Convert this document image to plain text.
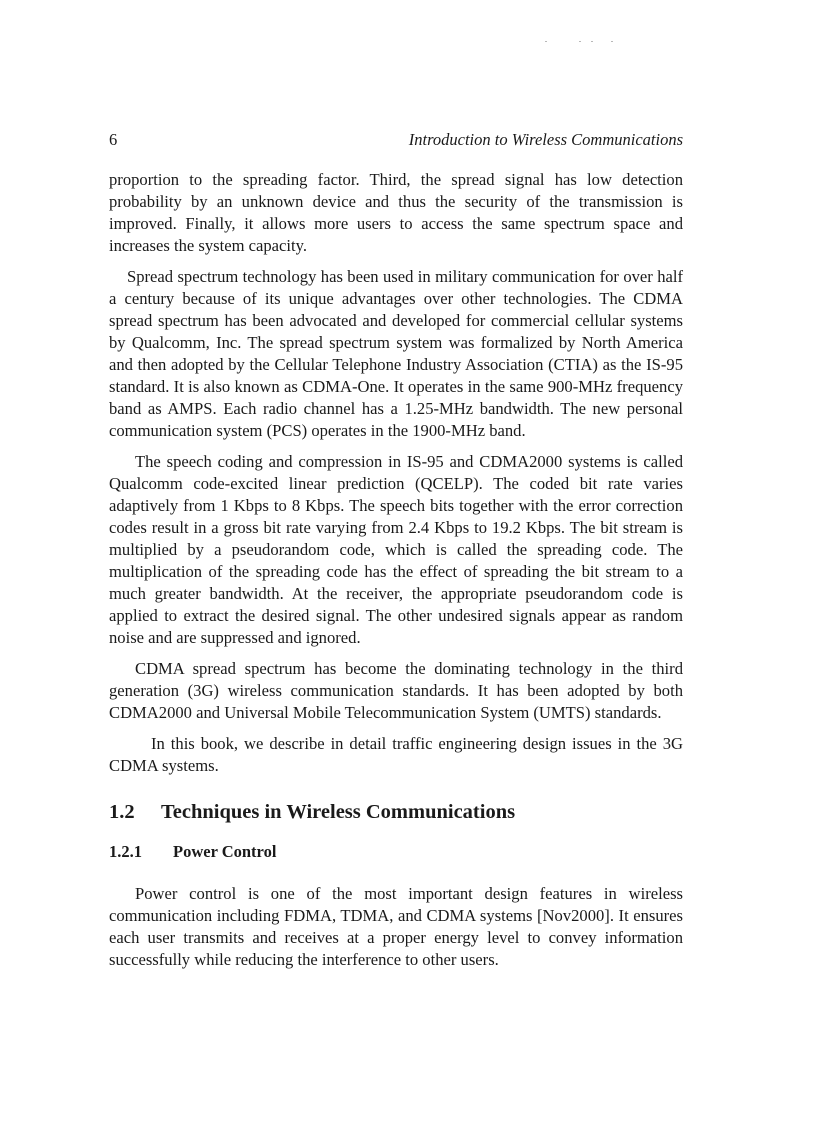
6	Introduction to Wireless Communications

proportion to the spreading factor. Third, the spread signal has low detection probability by an unknown device and thus the security of the transmission is improved. Finally, it allows more users to access the same spectrum space and increases the system capacity.

Spread spectrum technology has been used in military communication for over half a century because of its unique advantages over other technologies. The CDMA spread spectrum has been advocated and developed for commercial cellular systems by Qualcomm, Inc. The spread spectrum system was formalized by North America and then adopted by the Cellular Telephone Industry Association (CTIA) as the IS-95 standard. It is also known as CDMA-One. It operates in the same 900-MHz frequency band as AMPS. Each radio channel has a 1.25-MHz bandwidth. The new personal communication system (PCS) operates in the 1900-MHz band.

The speech coding and compression in IS-95 and CDMA2000 systems is called Qualcomm code-excited linear prediction (QCELP). The coded bit rate varies adaptively from 1 Kbps to 8 Kbps. The speech bits together with the error correction codes result in a gross bit rate varying from 2.4 Kbps to 19.2 Kbps. The bit stream is multiplied by a pseudorandom code, which is called the spreading code. The multiplication of the spreading code has the effect of spreading the bit stream to a much greater bandwidth. At the receiver, the appropriate pseudorandom code is applied to extract the desired signal. The other undesired signals appear as random noise and are suppressed and ignored.

CDMA spread spectrum has become the dominating technology in the third generation (3G) wireless communication standards. It has been adopted by both CDMA2000 and Universal Mobile Telecommunication System (UMTS) standards.

In this book, we describe in detail traffic engineering design issues in the 3G CDMA systems.

1.2 Techniques in Wireless Communications
1.2.1 Power Control

Power control is one of the most important design features in wireless communication including FDMA, TDMA, and CDMA systems [Nov2000]. It ensures each user transmits and receives at a proper energy level to convey information successfully while reducing the interference to other users.
